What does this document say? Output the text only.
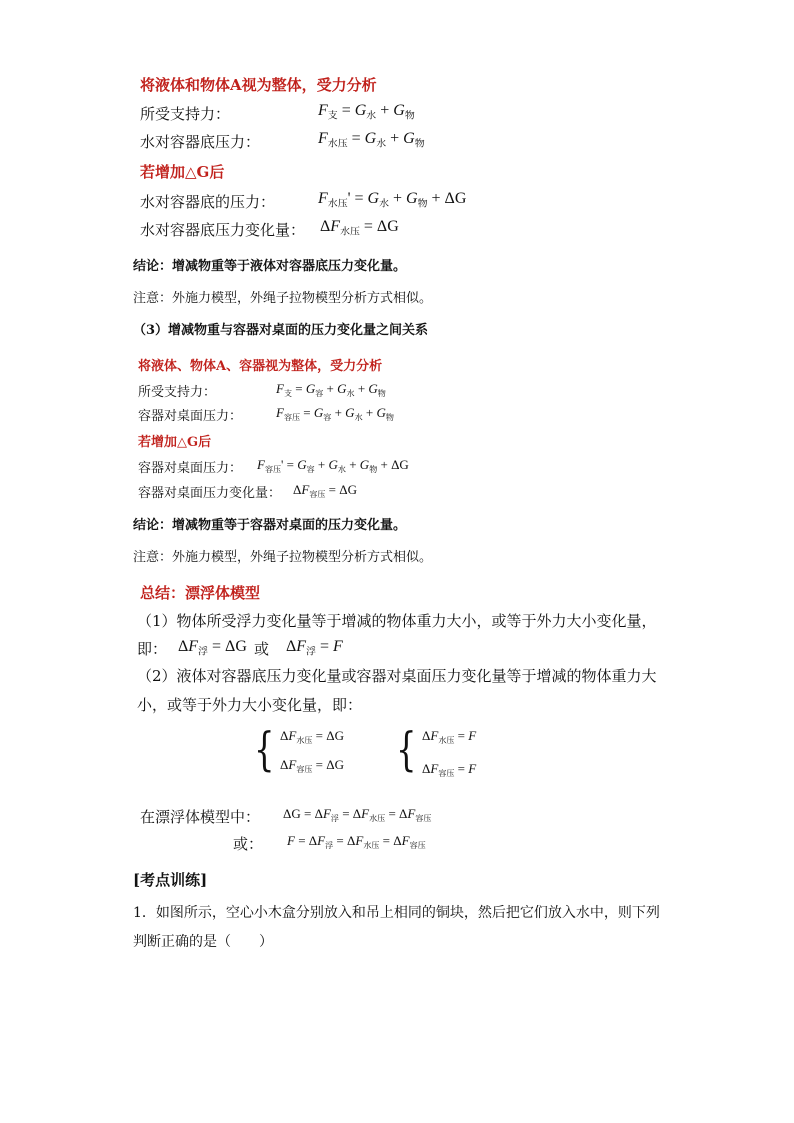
将液体和物体A视为整体，受力分析
所受支持力：	$F_支 = G_水 + G_物$
水对容器底压力：	$F_{水压} = G_水 + G_物$
若增加△G后
水对容器底的压力：	$F_{水压}' = G_水 + G_物 + \Delta G$
水对容器底压力变化量： $\Delta F_{水压} = \Delta G$
结论：增减物重等于液体对容器底压力变化量。
注意：外施力模型，外绳子拉物模型分析方式相似。
（3）增减物重与容器对桌面的压力变化量之间关系
将液体、物体A、容器视为整体，受力分析
所受支持力：	$F_支 = G_容 + G_水 + G_物$
容器对桌面压力：	$F_{容压} = G_容 + G_水 + G_物$
若增加△G后
容器对桌面压力： $F_{容压}' = G_容 + G_水 + G_物 + \Delta G$
容器对桌面压力变化量： $\Delta F_{容压} = \Delta G$
结论：增减物重等于容器对桌面的压力变化量。
注意：外施力模型，外绳子拉物模型分析方式相似。
总结：漂浮体模型
（1）物体所受浮力变化量等于增减的物体重力大小，或等于外力大小变化量，
即： $\Delta F_浮 = \Delta G$ 或 $\Delta F_浮 = F$
（2）液体对容器底压力变化量或容器对桌面压力变化量等于增减的物体重力大
小，或等于外力大小变化量，即：
{ $\Delta F_{水压} = \Delta G$
$\Delta F_{容压} = \Delta G$ { $\Delta F_{水压} = F$
$\Delta F_{容压} = F$
在漂浮体模型中： $\Delta G = \Delta F_浮 = \Delta F_{水压} = \Delta F_{容压}$
或： $F = \Delta F_浮 = \Delta F_{水压} = \Delta F_{容压}$
[考点训练]
1．如图所示，空心小木盒分别放入和吊上相同的铜块，然后把它们放入水中，则下列
判断正确的是（　　）
